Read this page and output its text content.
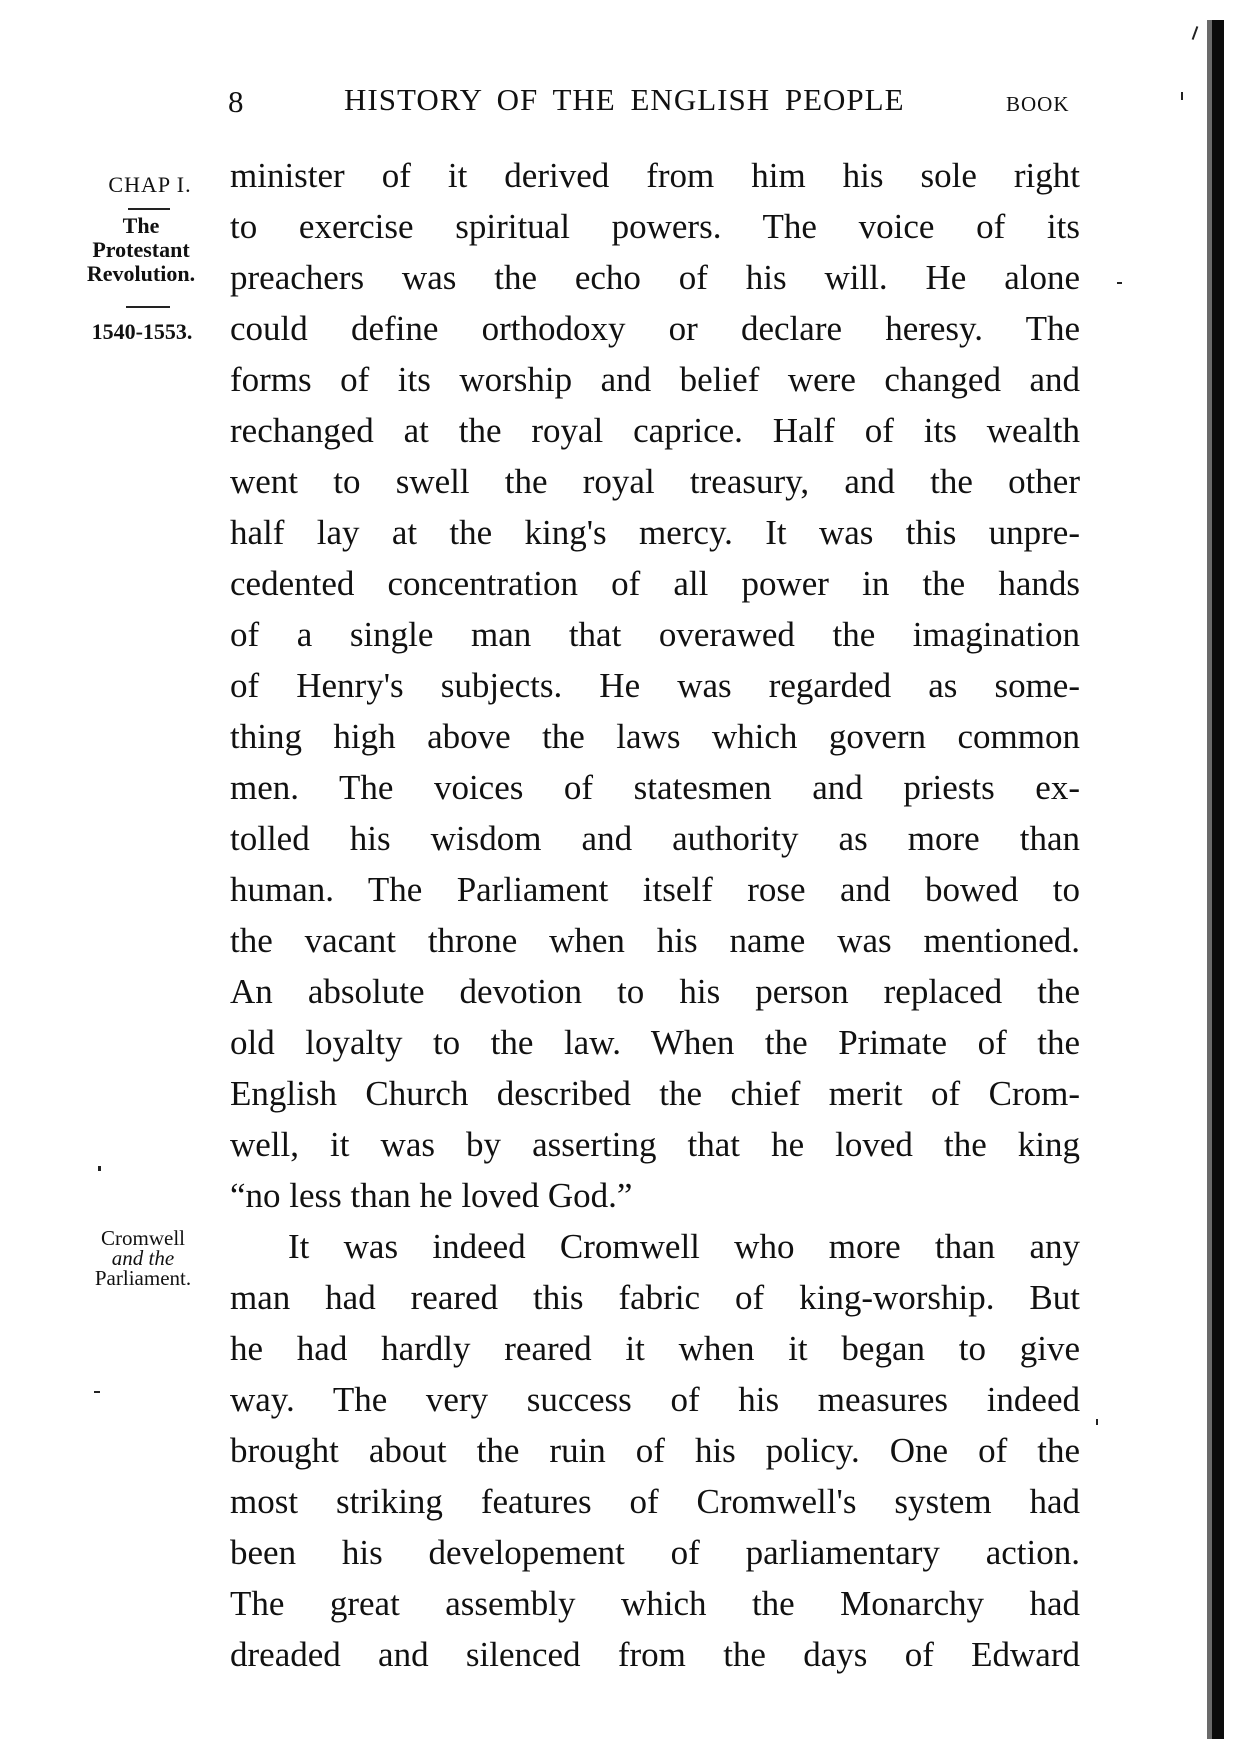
8	HISTORY OF THE ENGLISH PEOPLE	BOOK
CHAP I.
The
Protestant
Revolution.
1540-1553.
Cromwell
and the
Parliament.
minister of it derived from him his sole right
to exercise spiritual powers. The voice of its
preachers was the echo of his will. He alone
could define orthodoxy or declare heresy. The
forms of its worship and belief were changed and
rechanged at the royal caprice. Half of its wealth
went to swell the royal treasury, and the other
half lay at the king's mercy. It was this unpre-
cedented concentration of all power in the hands
of a single man that overawed the imagination
of Henry's subjects. He was regarded as some-
thing high above the laws which govern common
men. The voices of statesmen and priests ex-
tolled his wisdom and authority as more than
human. The Parliament itself rose and bowed to
the vacant throne when his name was mentioned.
An absolute devotion to his person replaced the
old loyalty to the law. When the Primate of the
English Church described the chief merit of Crom-
well, it was by asserting that he loved the king
“no less than he loved God.”
It was indeed Cromwell who more than any
man had reared this fabric of king-worship. But
he had hardly reared it when it began to give
way. The very success of his measures indeed
brought about the ruin of his policy. One of the
most striking features of Cromwell's system had
been his developement of parliamentary action.
The great assembly which the Monarchy had
dreaded and silenced from the days of Edward
